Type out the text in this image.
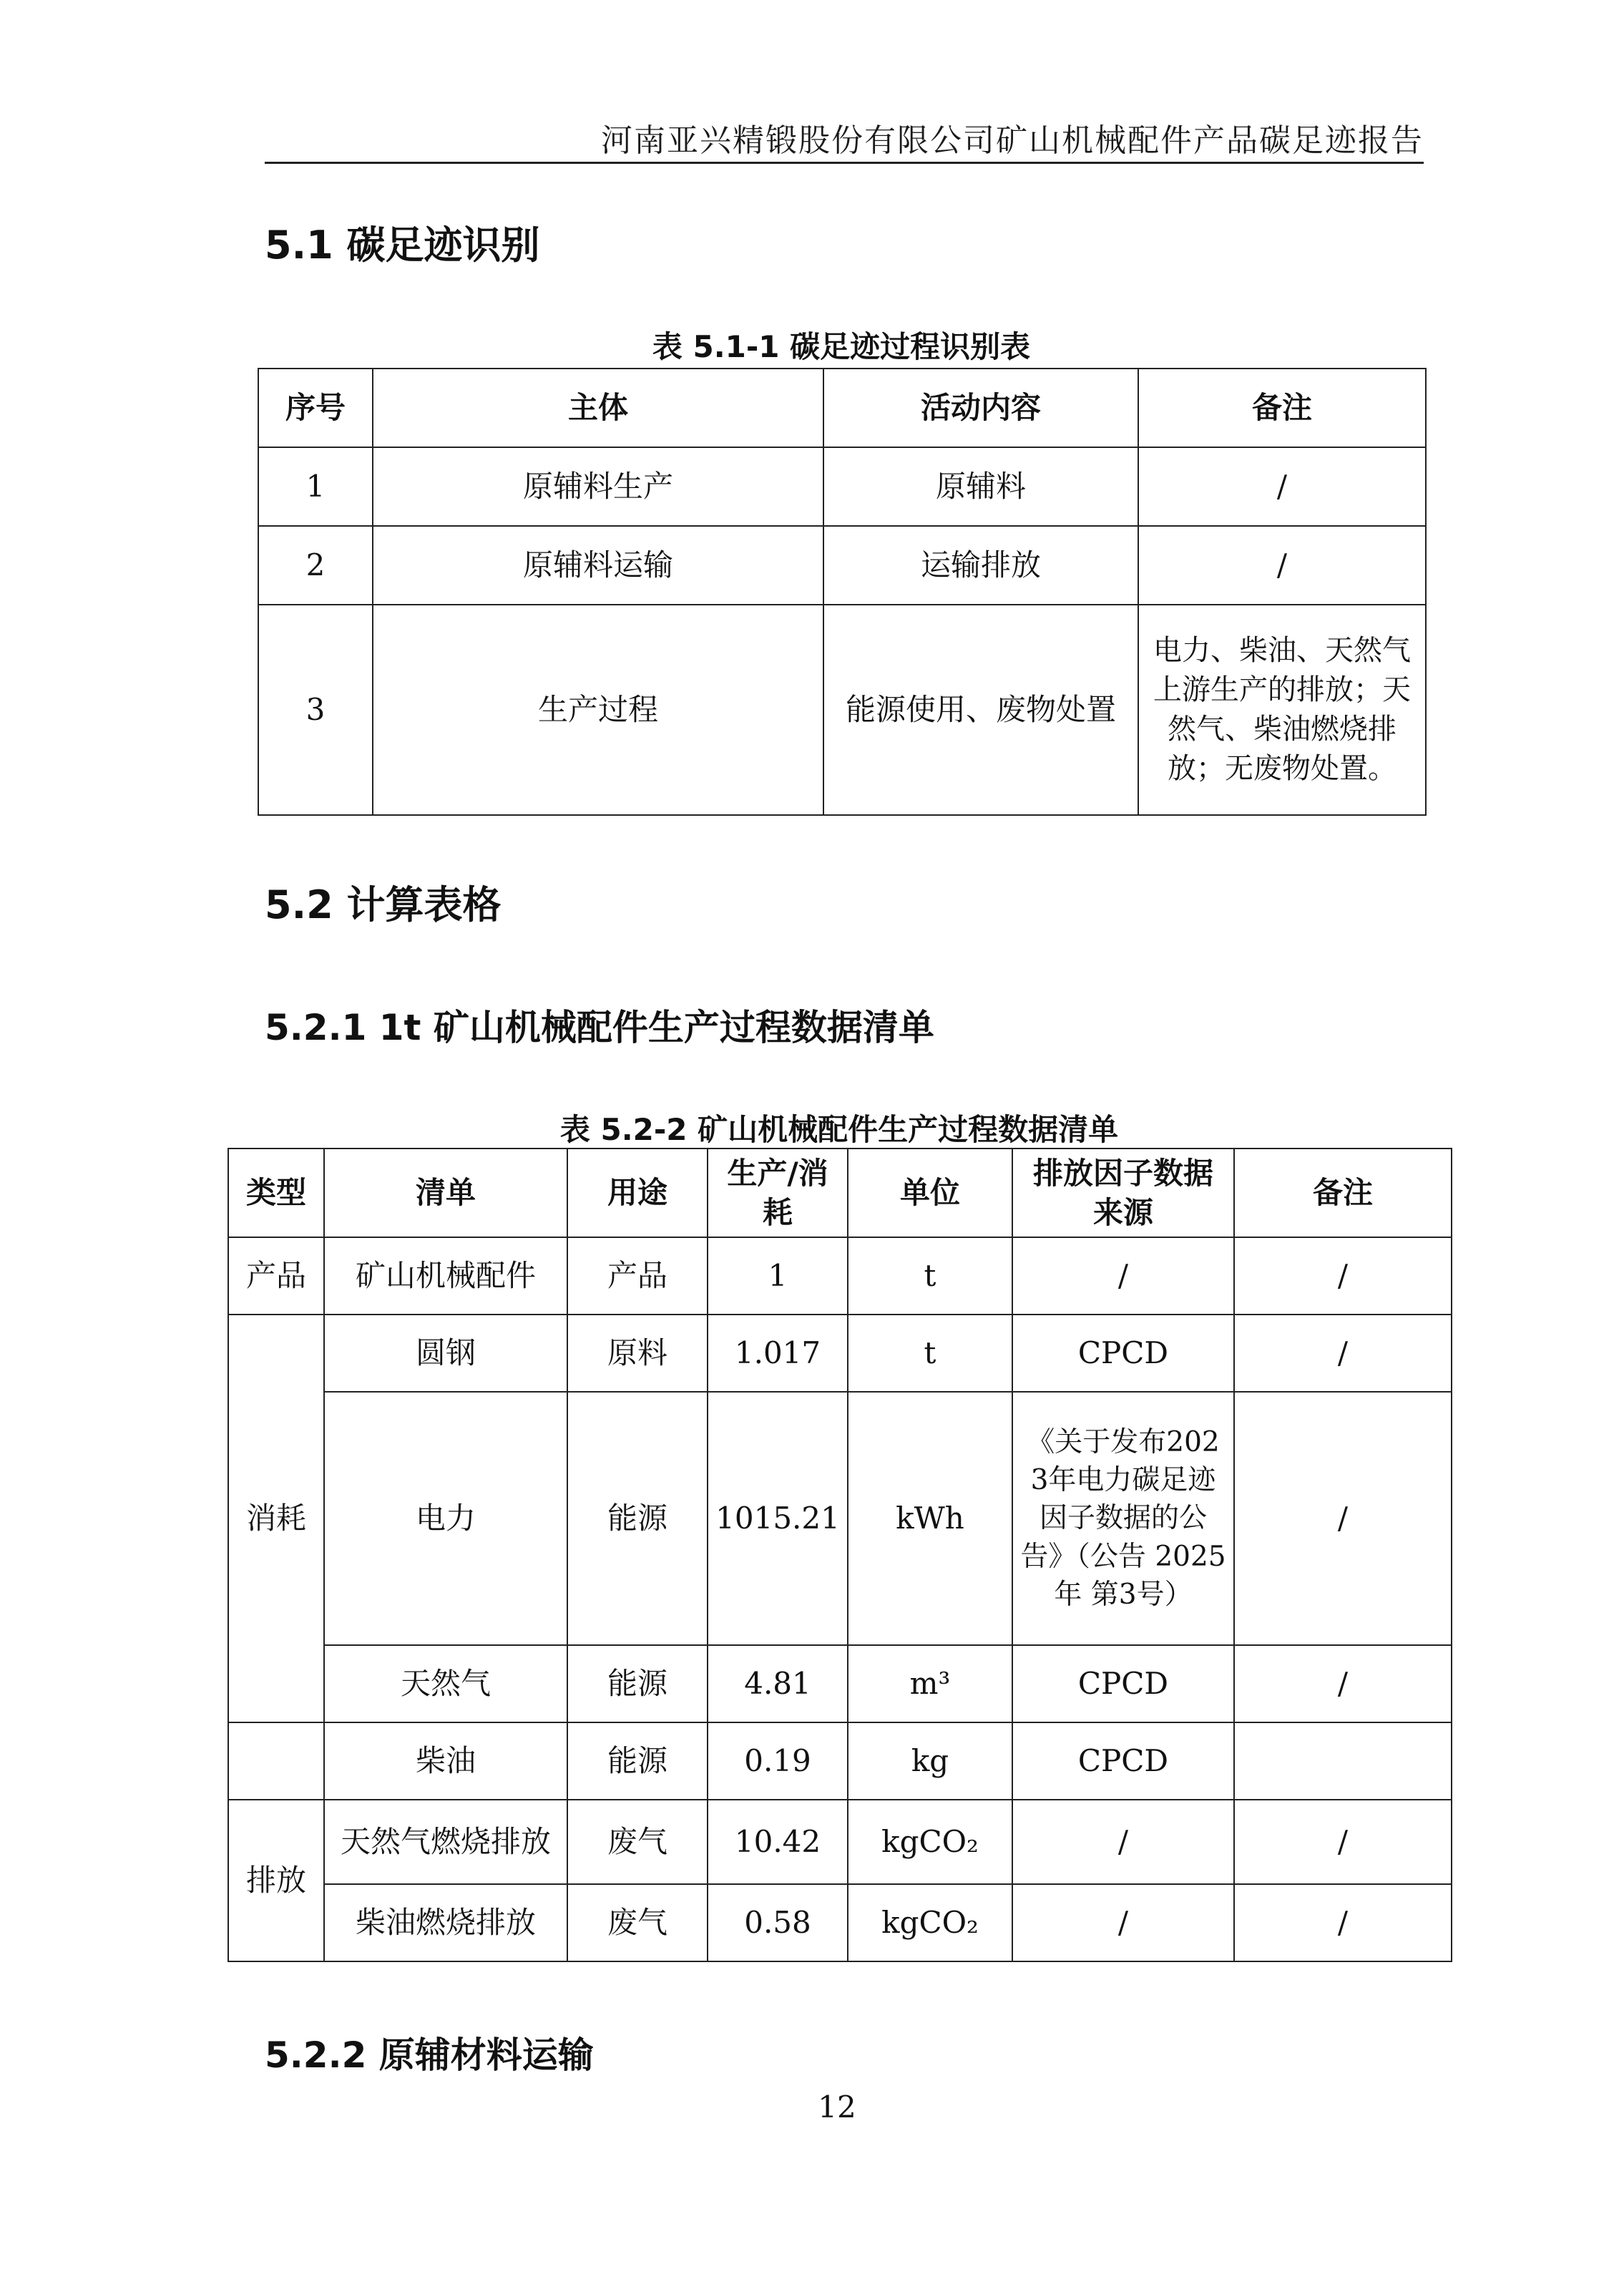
河南亚兴精锻股份有限公司矿山机械配件产品碳足迹报告
5.1 碳足迹识别
表 5.1-1 碳足迹过程识别表
序号	主体	活动内容	备注
1	原辅料生产	原辅料	/
2	原辅料运输	运输排放	/
3	生产过程	能源使用、废物处置	电力、柴油、天然气上游生产的排放；天然气、柴油燃烧排放；无废物处置。
5.2 计算表格
5.2.1 1t 矿山机械配件生产过程数据清单
表 5.2-2 矿山机械配件生产过程数据清单
类型	清单	用途	生产/消耗	单位	排放因子数据来源	备注
产品	矿山机械配件	产品	1	t	/	/
消耗	圆钢	原料	1.017	t	CPCD	/
	电力	能源	1015.21	kWh	《关于发布2023年电力碳足迹因子数据的公告》（公告 2025年 第3号）	/
	天然气	能源	4.81	m³	CPCD	/
	柴油	能源	0.19	kg	CPCD	
排放	天然气燃烧排放	废气	10.42	kgCO₂	/	/
	柴油燃烧排放	废气	0.58	kgCO₂	/	/
5.2.2 原辅材料运输
12
